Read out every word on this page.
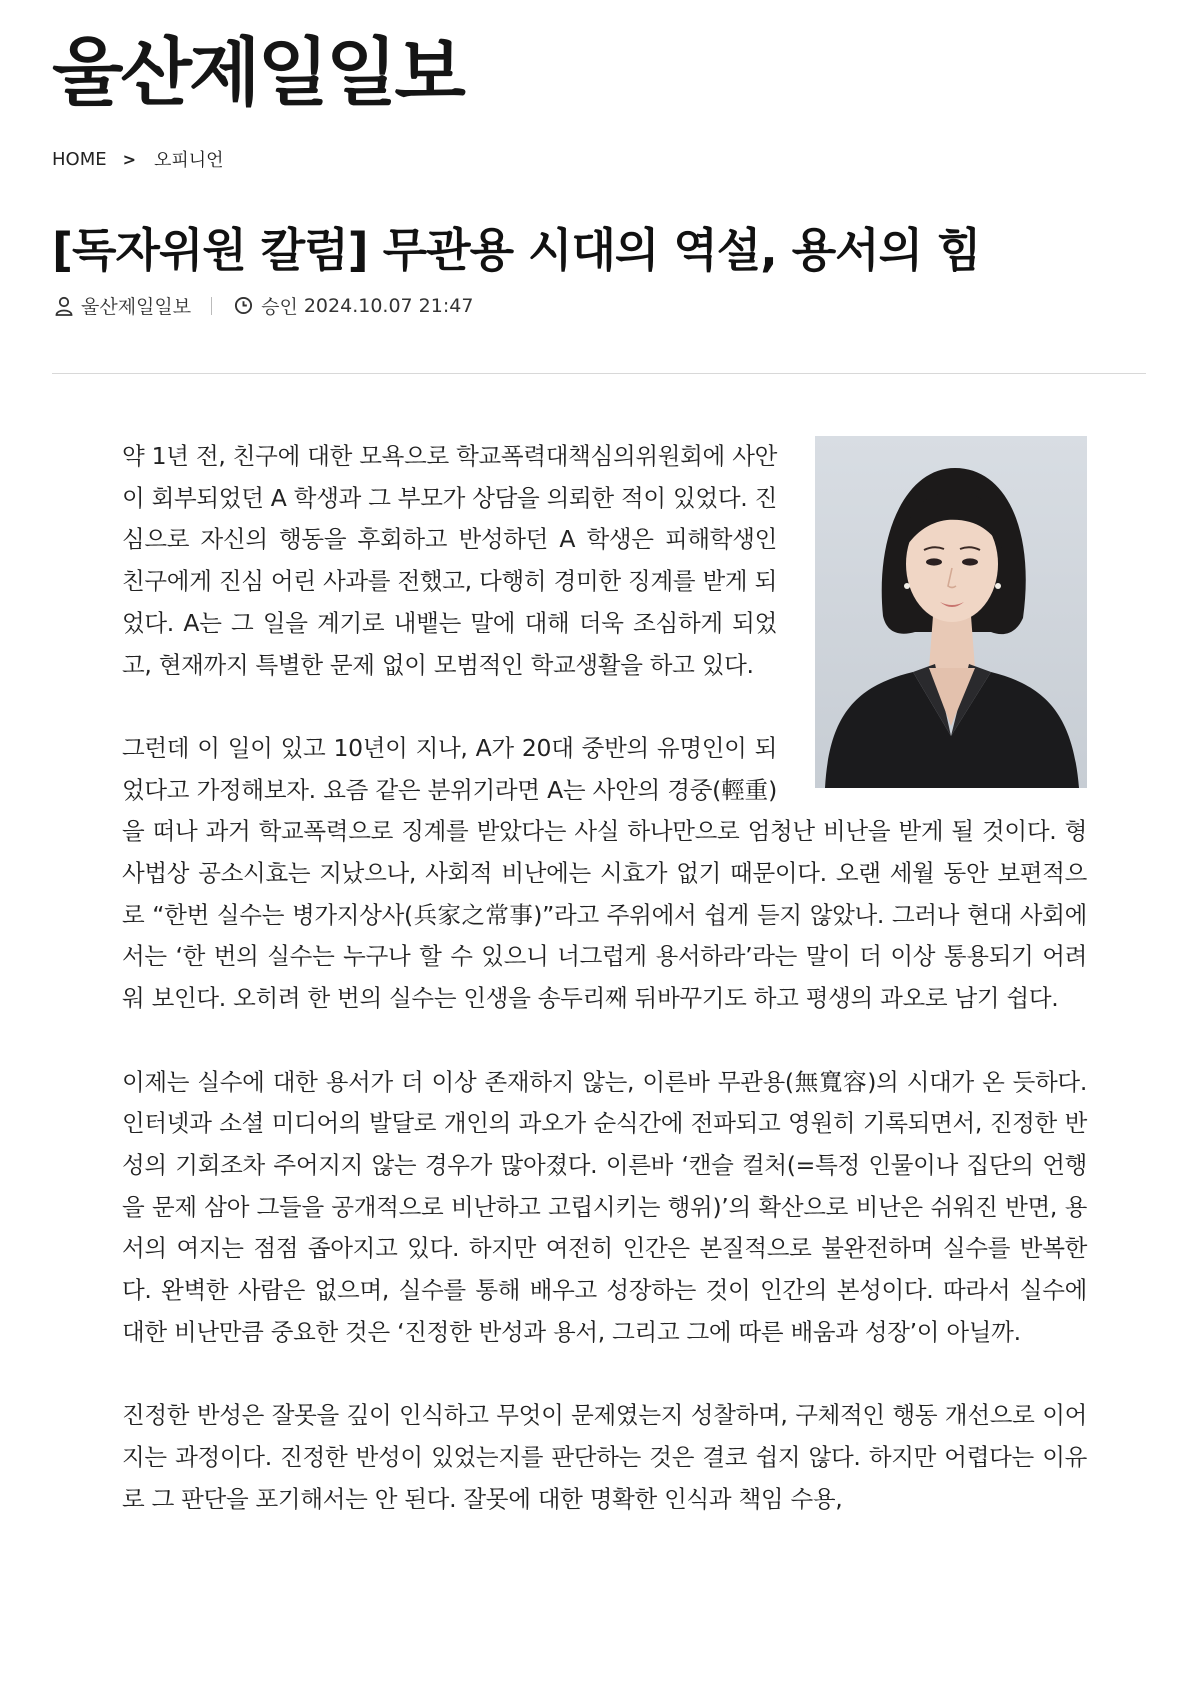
울산제일일보
HOME > 오피니언
[독자위원 칼럼] 무관용 시대의 역설, 용서의 힘
울산제일일보	승인 2024.10.07 21:47

약 1년 전, 친구에 대한 모욕으로 학교폭력대책심의위원회에 사안이 회부되었던 A 학생과 그 부모가 상담을 의뢰한 적이 있었다. 진심으로 자신의 행동을 후회하고 반성하던 A 학생은 피해학생인 친구에게 진심 어린 사과를 전했고, 다행히 경미한 징계를 받게 되었다. A는 그 일을 계기로 내뱉는 말에 대해 더욱 조심하게 되었고, 현재까지 특별한 문제 없이 모범적인 학교생활을 하고 있다.

그런데 이 일이 있고 10년이 지나, A가 20대 중반의 유명인이 되었다고 가정해보자. 요즘 같은 분위기라면 A는 사안의 경중(輕重)을 떠나 과거 학교폭력으로 징계를 받았다는 사실 하나만으로 엄청난 비난을 받게 될 것이다. 형사법상 공소시효는 지났으나, 사회적 비난에는 시효가 없기 때문이다. 오랜 세월 동안 보편적으로 “한번 실수는 병가지상사(兵家之常事)”라고 주위에서 쉽게 듣지 않았나. 그러나 현대 사회에서는 ‘한 번의 실수는 누구나 할 수 있으니 너그럽게 용서하라’라는 말이 더 이상 통용되기 어려워 보인다. 오히려 한 번의 실수는 인생을 송두리째 뒤바꾸기도 하고 평생의 과오로 남기 쉽다.

이제는 실수에 대한 용서가 더 이상 존재하지 않는, 이른바 무관용(無寬容)의 시대가 온 듯하다. 인터넷과 소셜 미디어의 발달로 개인의 과오가 순식간에 전파되고 영원히 기록되면서, 진정한 반성의 기회조차 주어지지 않는 경우가 많아졌다. 이른바 ‘캔슬 컬처(=특정 인물이나 집단의 언행을 문제 삼아 그들을 공개적으로 비난하고 고립시키는 행위)’의 확산으로 비난은 쉬워진 반면, 용서의 여지는 점점 좁아지고 있다. 하지만 여전히 인간은 본질적으로 불완전하며 실수를 반복한다. 완벽한 사람은 없으며, 실수를 통해 배우고 성장하는 것이 인간의 본성이다. 따라서 실수에 대한 비난만큼 중요한 것은 ‘진정한 반성과 용서, 그리고 그에 따른 배움과 성장’이 아닐까.

진정한 반성은 잘못을 깊이 인식하고 무엇이 문제였는지 성찰하며, 구체적인 행동 개선으로 이어지는 과정이다. 진정한 반성이 있었는지를 판단하는 것은 결코 쉽지 않다. 하지만 어렵다는 이유로 그 판단을 포기해서는 안 된다. 잘못에 대한 명확한 인식과 책임 수용,
